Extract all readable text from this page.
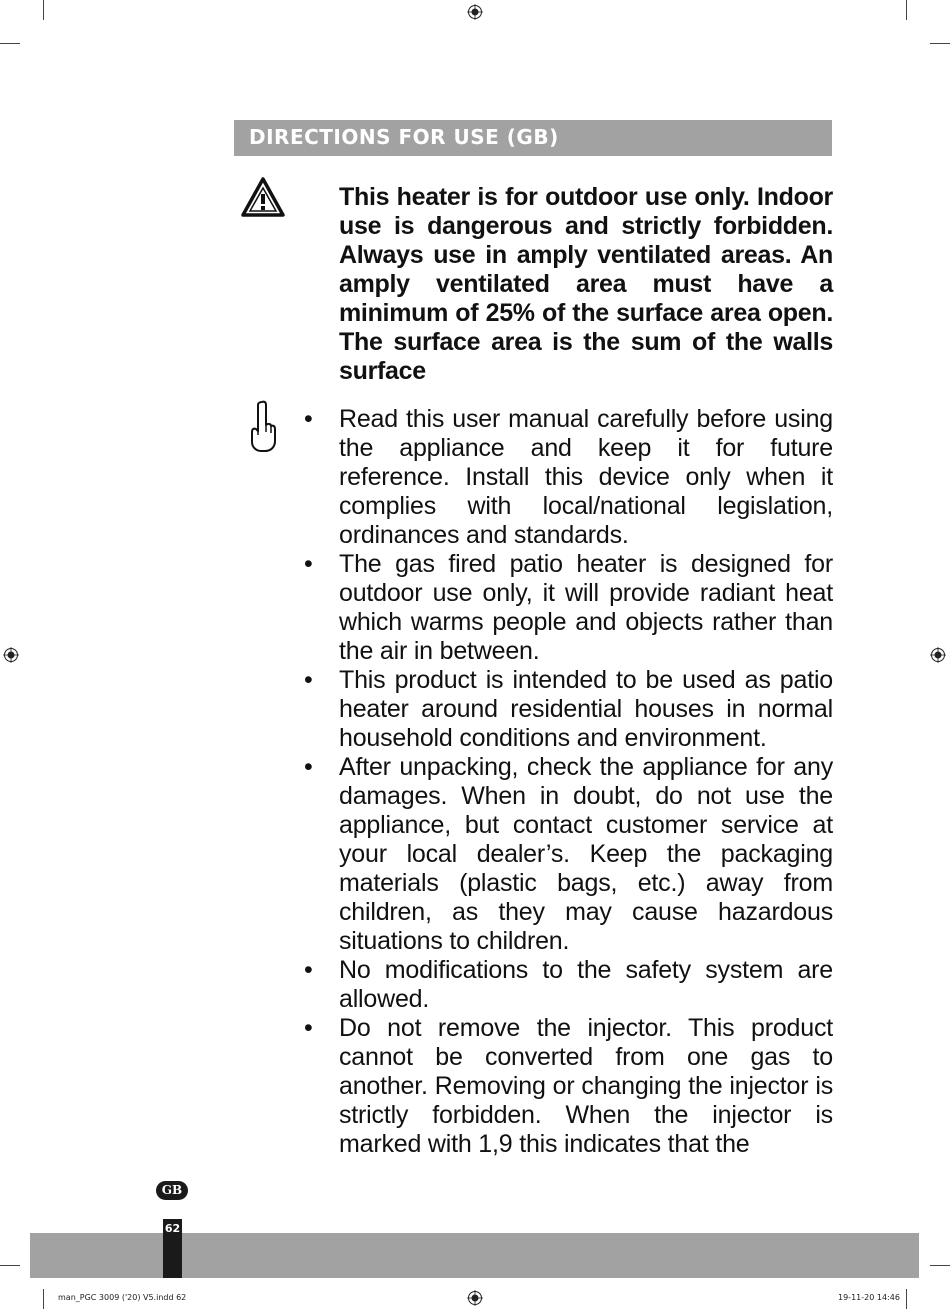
DIRECTIONS FOR USE (GB)
This heater is for outdoor use only. Indoor use is dangerous and strictly forbidden. Always use in amply ventilated areas. An amply ventilated area must have a minimum of 25% of the surface area open. The surface area is the sum of the walls surface
• Read this user manual carefully before using the appliance and keep it for future reference. Install this device only when it complies with local/national legislation, ordinances and standards.
• The gas fired patio heater is designed for outdoor use only, it will provide radiant heat which warms people and objects rather than the air in between.
• This product is intended to be used as patio heater around residential houses in normal household conditions and environment.
• After unpacking, check the appliance for any damages. When in doubt, do not use the appliance, but contact customer service at your local dealer’s. Keep the packaging materials (plastic bags, etc.) away from children, as they may cause hazardous situations to children.
• No modifications to the safety system are allowed.
• Do not remove the injector. This product cannot be converted from one gas to another. Removing or changing the injector is strictly forbidden. When the injector is marked with 1,9 this indicates that the
GB
62
man_PGC 3009 ('20) V5.indd 62	19-11-20 14:46
